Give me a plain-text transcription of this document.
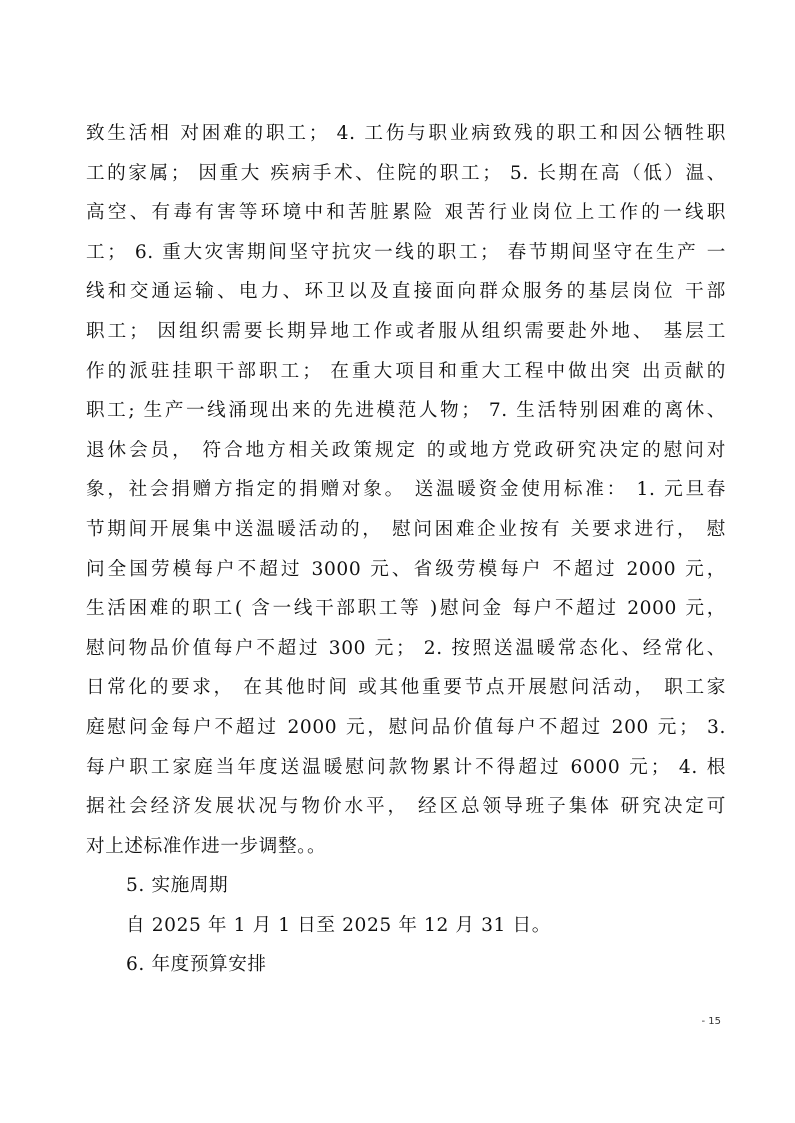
致生活相 对困难的职工； 4. 工伤与职业病致残的职工和因公牺牲职
工的家属； 因重大 疾病手术、住院的职工； 5. 长期在高（低）温、
高空、有毒有害等环境中和苦脏累险 艰苦行业岗位上工作的一线职
工； 6. 重大灾害期间坚守抗灾一线的职工； 春节期间坚守在生产 一
线和交通运输、电力、环卫以及直接面向群众服务的基层岗位 干部
职工； 因组织需要长期异地工作或者服从组织需要赴外地、 基层工
作的派驻挂职干部职工； 在重大项目和重大工程中做出突 出贡献的
职工; 生产一线涌现出来的先进模范人物； 7. 生活特别困难的离休、
退休会员， 符合地方相关政策规定 的或地方党政研究决定的慰问对
象，社会捐赠方指定的捐赠对象。 送温暖资金使用标准： 1. 元旦春
节期间开展集中送温暖活动的， 慰问困难企业按有 关要求进行， 慰
问全国劳模每户不超过 3000 元、省级劳模每户 不超过 2000 元，
生活困难的职工( 含一线干部职工等 )慰问金 每户不超过 2000 元，
慰问物品价值每户不超过 300 元； 2. 按照送温暖常态化、经常化、
日常化的要求， 在其他时间 或其他重要节点开展慰问活动， 职工家
庭慰问金每户不超过 2000 元，慰问品价值每户不超过 200 元； 3.
每户职工家庭当年度送温暖慰问款物累计不得超过 6000 元； 4. 根
据社会经济发展状况与物价水平， 经区总领导班子集体 研究决定可
对上述标准作进一步调整。。
5. 实施周期
自 2025 年 1 月 1 日至 2025 年 12 月 31 日。
6. 年度预算安排
- 15
